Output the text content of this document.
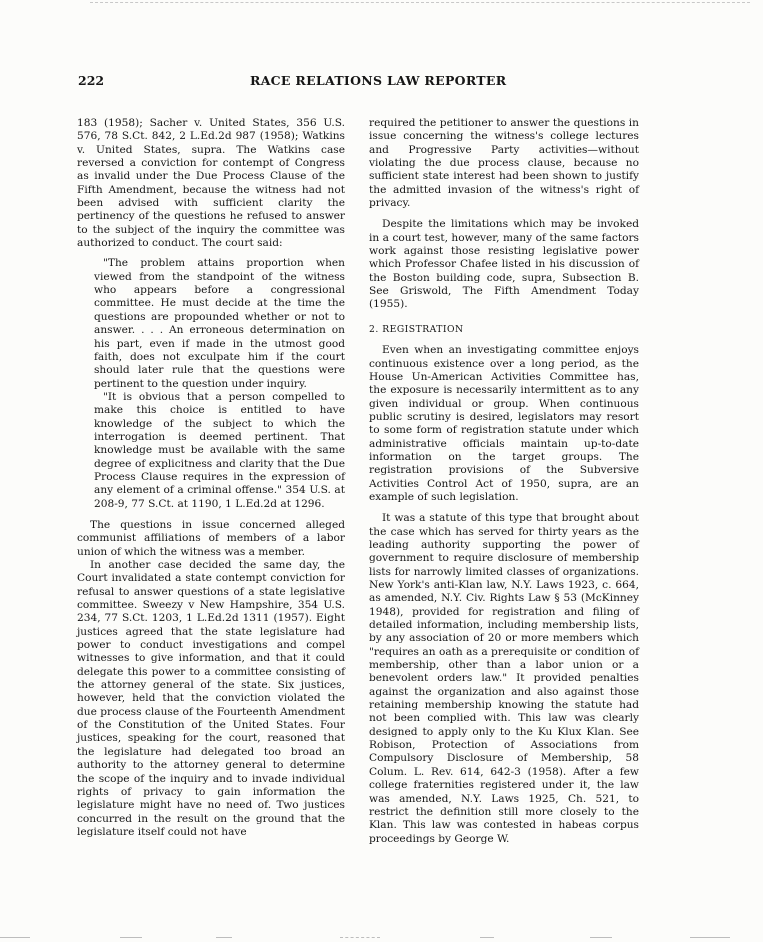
222	RACE RELATIONS LAW REPORTER

183 (1958); Sacher v. United States, 356 U.S. 576, 78 S.Ct. 842, 2 L.Ed.2d 987 (1958); Watkins v. United States, supra. The Watkins case reversed a conviction for contempt of Congress as invalid under the Due Process Clause of the Fifth Amendment, because the witness had not been advised with sufficient clarity the pertinency of the questions he refused to answer to the subject of the inquiry the committee was authorized to conduct. The court said:

"The problem attains proportion when viewed from the standpoint of the witness who appears before a congressional committee. He must decide at the time the questions are propounded whether or not to answer. . . . An erroneous determination on his part, even if made in the utmost good faith, does not exculpate him if the court should later rule that the questions were pertinent to the question under inquiry.

"It is obvious that a person compelled to make this choice is entitled to have knowledge of the subject to which the interrogation is deemed pertinent. That knowledge must be available with the same degree of explicitness and clarity that the Due Process Clause requires in the expression of any element of a criminal offense." 354 U.S. at 208-9, 77 S.Ct. at 1190, 1 L.Ed.2d at 1296.

The questions in issue concerned alleged communist affiliations of members of a labor union of which the witness was a member.

In another case decided the same day, the Court invalidated a state contempt conviction for refusal to answer questions of a state legislative committee. Sweezy v New Hampshire, 354 U.S. 234, 77 S.Ct. 1203, 1 L.Ed.2d 1311 (1957). Eight justices agreed that the state legislature had power to conduct investigations and compel witnesses to give information, and that it could delegate this power to a committee consisting of the attorney general of the state. Six justices, however, held that the conviction violated the due process clause of the Fourteenth Amendment of the Constitution of the United States. Four justices, speaking for the court, reasoned that the legislature had delegated too broad an authority to the attorney general to determine the scope of the inquiry and to invade individual rights of privacy to gain information the legislature might have no need of. Two justices concurred in the result on the ground that the legislature itself could not have

required the petitioner to answer the questions in issue concerning the witness's college lectures and Progressive Party activities—without violating the due process clause, because no sufficient state interest had been shown to justify the admitted invasion of the witness's right of privacy.

Despite the limitations which may be invoked in a court test, however, many of the same factors work against those resisting legislative power which Professor Chafee listed in his discussion of the Boston building code, supra, Subsection B. See Griswold, The Fifth Amendment Today (1955).

2. REGISTRATION

Even when an investigating committee enjoys continuous existence over a long period, as the House Un-American Activities Committee has, the exposure is necessarily intermittent as to any given individual or group. When continuous public scrutiny is desired, legislators may resort to some form of registration statute under which administrative officials maintain up-to-date information on the target groups. The registration provisions of the Subversive Activities Control Act of 1950, supra, are an example of such legislation.

It was a statute of this type that brought about the case which has served for thirty years as the leading authority supporting the power of government to require disclosure of membership lists for narrowly limited classes of organizations. New York's anti-Klan law, N.Y. Laws 1923, c. 664, as amended, N.Y. Civ. Rights Law § 53 (McKinney 1948), provided for registration and filing of detailed information, including membership lists, by any association of 20 or more members which "requires an oath as a prerequisite or condition of membership, other than a labor union or a benevolent orders law." It provided penalties against the organization and also against those retaining membership knowing the statute had not been complied with. This law was clearly designed to apply only to the Ku Klux Klan. See Robison, Protection of Associations from Compulsory Disclosure of Membership, 58 Colum. L. Rev. 614, 642-3 (1958). After a few college fraternities registered under it, the law was amended, N.Y. Laws 1925, Ch. 521, to restrict the definition still more closely to the Klan. This law was contested in habeas corpus proceedings by George W.
